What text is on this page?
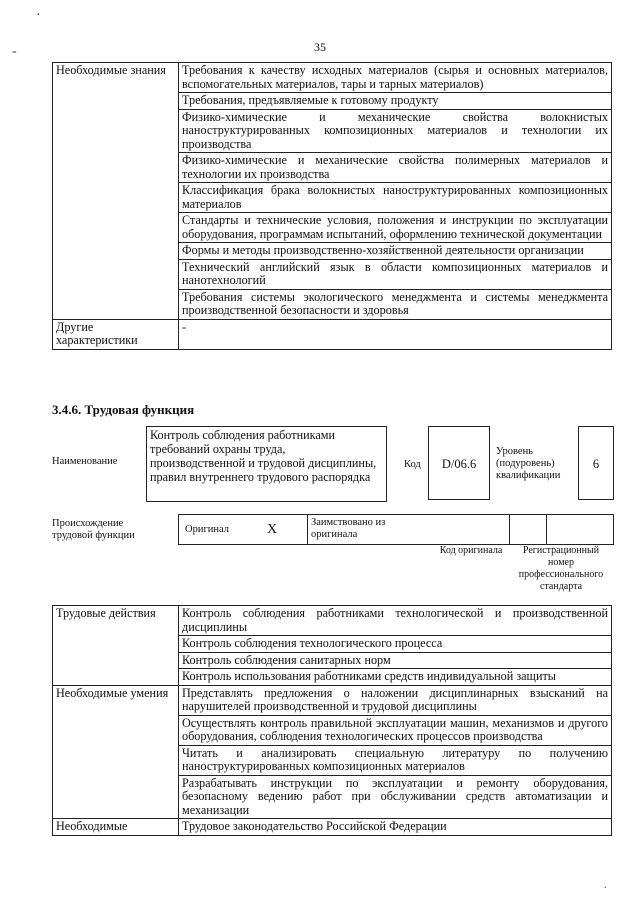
·
-	35
Необходимые знания	Требования к качеству исходных материалов (сырья и основных материалов, вспомогательных материалов, тары и тарных материалов)
	Требования, предъявляемые к готовому продукту
	Физико-химические и механические свойства волокнистых наноструктурированных композиционных материалов и технологии их производства
	Физико-химические и механические свойства полимерных материалов и технологии их производства
	Классификация брака волокнистых наноструктурированных композиционных материалов
	Стандарты и технические условия, положения и инструкции по эксплуатации оборудования, программам испытаний, оформлению технической документации
	Формы и методы производственно-хозяйственной деятельности организации
	Технический английский язык в области композиционных материалов и нанотехнологий
	Требования системы экологического менеджмента и системы менеджмента производственной безопасности и здоровья
Другие характеристики	-
3.4.6. Трудовая функция
Наименование
Контроль соблюдения работниками требований охраны труда, производственной и трудовой дисциплины, правил внутреннего трудового распорядка
Код	D/06.6
Уровень (подуровень) квалификации
6
Происхождение трудовой функции
Оригинал	X	Заимствовано из оригинала
Код оригинала	Регистрационный номер профессионального стандарта
Трудовые действия	Контроль соблюдения работниками технологической и производственной дисциплины
	Контроль соблюдения технологического процесса
	Контроль соблюдения санитарных норм
	Контроль использования работниками средств индивидуальной защиты
Необходимые умения	Представлять предложения о наложении дисциплинарных взысканий на нарушителей производственной и трудовой дисциплины
	Осуществлять контроль правильной эксплуатации машин, механизмов и другого оборудования, соблюдения технологических процессов производства
	Читать и анализировать специальную литературу по получению наноструктурированных композиционных материалов
	Разрабатывать инструкции по эксплуатации и ремонту оборудования, безопасному ведению работ при обслуживании средств автоматизации и механизации
Необходимые	Трудовое законодательство Российской Федерации
.
